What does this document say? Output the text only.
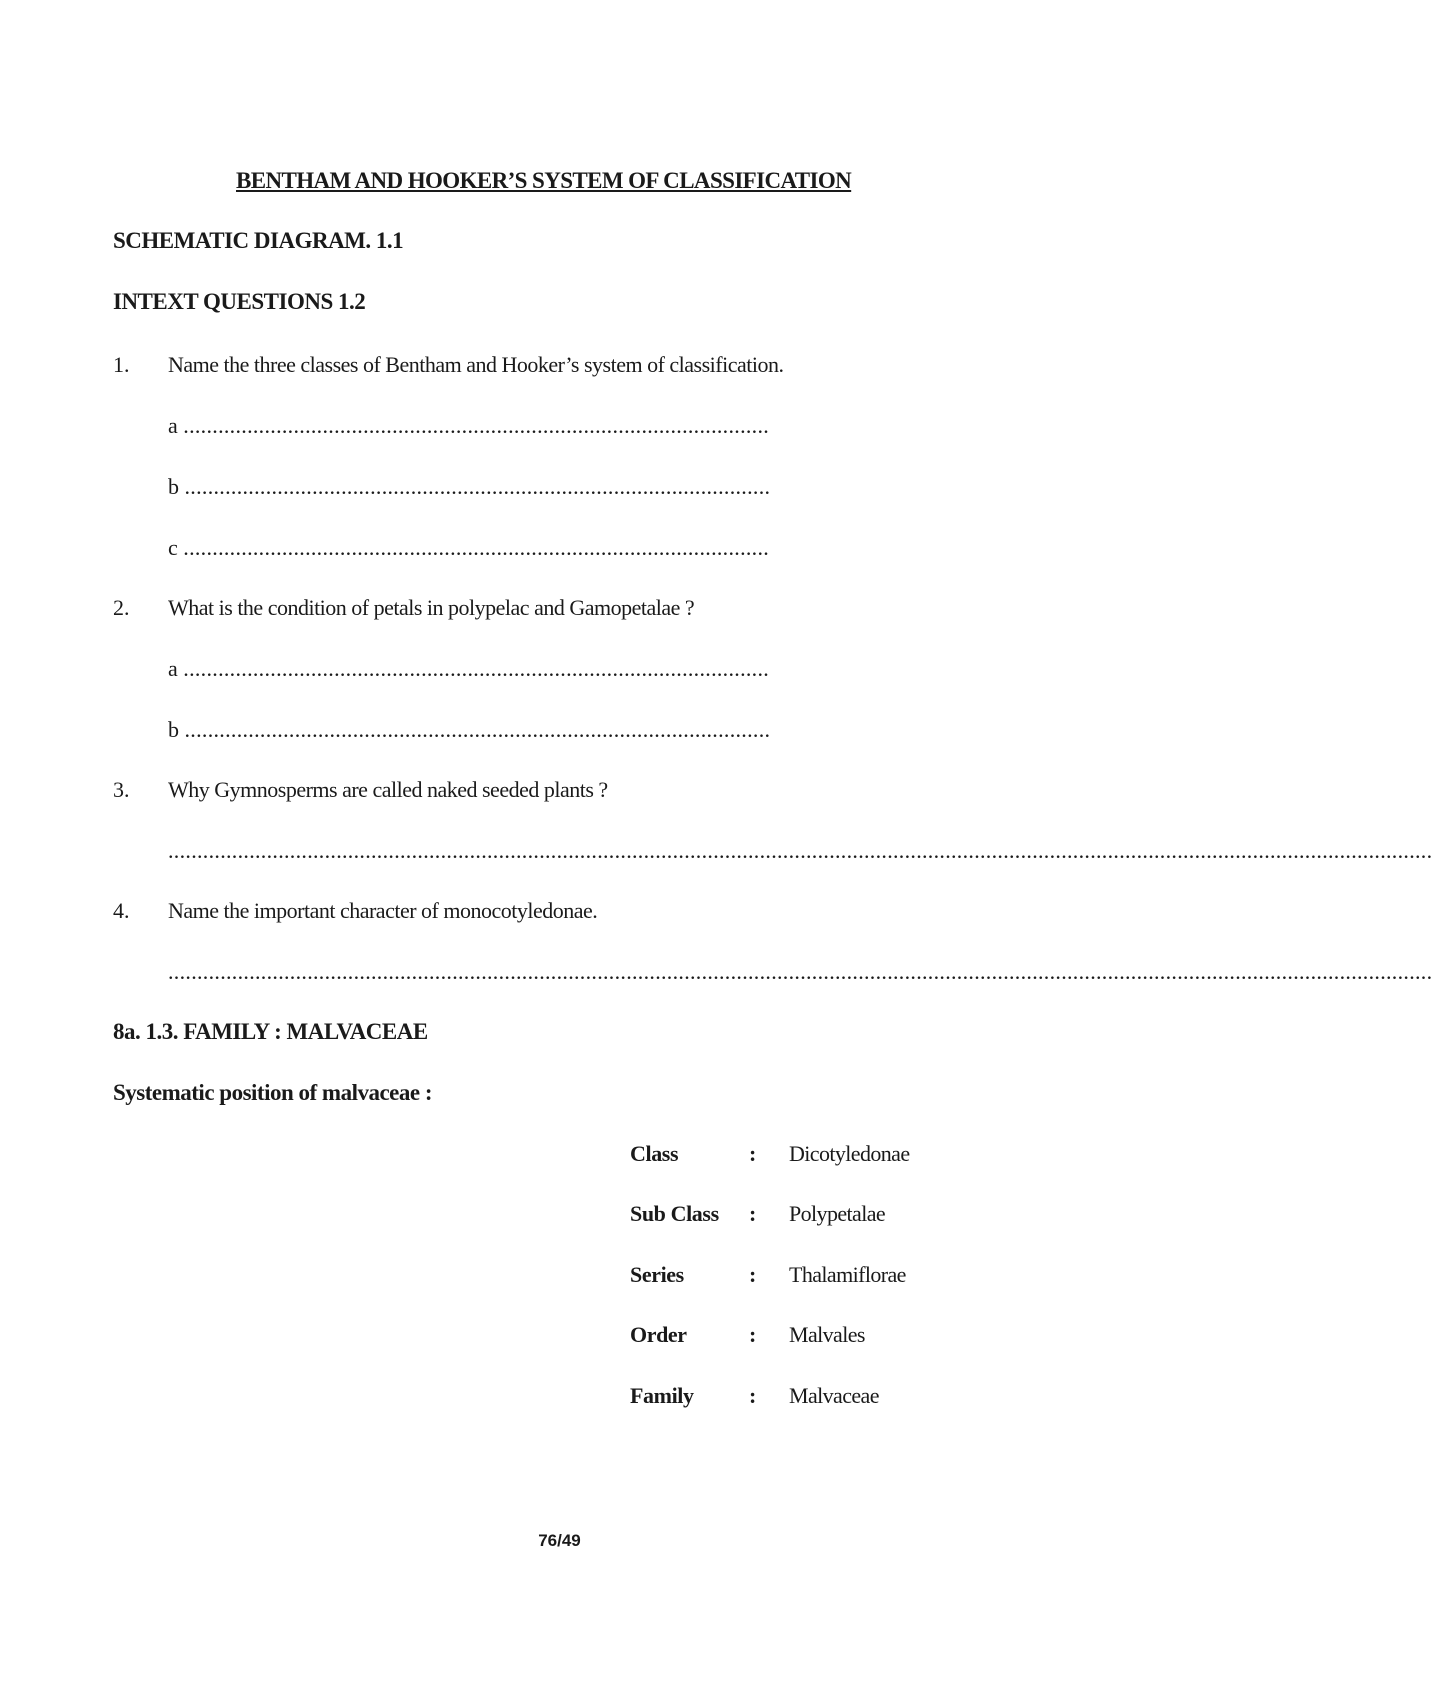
BENTHAM AND HOOKER’S SYSTEM OF CLASSIFICATION
SCHEMATIC DIAGRAM. 1.1
INTEXT QUESTIONS 1.2
1. Name the three classes of Bentham and Hooker’s system of classification.
a .....................................................................................................
b .....................................................................................................
c .....................................................................................................
2. What is the condition of petals in polypelac and Gamopetalae ?
a .....................................................................................................
b .....................................................................................................
3. Why Gymnosperms are called naked seeded plants ?
..........................................................................................................................................................................................................................
4. Name the important character of monocotyledonae.
..........................................................................................................................................................................................................................
8a. 1.3. FAMILY : MALVACEAE
Systematic position of malvaceae :
Class	: Dicotyledonae
Sub Class : Polypetalae
Series	: Thalamiflorae
Order	: Malvales
Family	: Malvaceae
76/49
